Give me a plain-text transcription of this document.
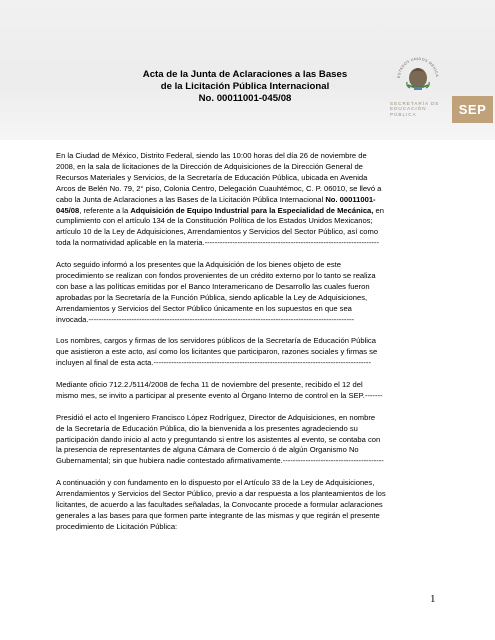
Acta de la Junta de Aclaraciones a las Bases
de la Licitación Pública Internacional
No. 00011001-045/08
ESTADOS UNIDOS MEXICA
SECRETARÍA DE
EDUCACIÓN PÚBLICA	SEP
En la Ciudad de México, Distrito Federal, siendo las 10:00 horas del día 26 de noviembre de
2008, en la sala de licitaciones de la Dirección de Adquisiciones de la Dirección General de
Recursos Materiales y Servicios, de la Secretaría de Educación Pública, ubicada en Avenida
Arcos de Belén No. 79, 2° piso, Colonia Centro, Delegación Cuauhtémoc, C. P. 06010, se llevó a
cabo la Junta de Aclaraciones a las Bases de la Licitación Pública Internacional No. 00011001-
045/08, referente a la Adquisición de Equipo Industrial para la Especialidad de Mecánica, en
cumplimiento con el artículo 134 de la Constitución Política de los Estados Unidos Mexicanos;
artículo 10 de la Ley de Adquisiciones, Arrendamientos y Servicios del Sector Público, así como
toda la normatividad aplicable en la materia.---------------------------------------------------------------------
Acto seguido informó a los presentes que la Adquisición de los bienes objeto de este
procedimiento se realizan con fondos provenientes de un crédito externo por lo tanto se realiza
con base a las políticas emitidas por el Banco Interamericano de Desarrollo las cuales fueron
aprobadas por la Secretaría de la Función Pública, siendo aplicable la Ley de Adquisiciones,
Arrendamientos y Servicios del Sector Público únicamente en los supuestos en que sea
invocada.---------------------------------------------------------------------------------------------------------
Los nombres, cargos y firmas de los servidores públicos de la Secretaría de Educación Pública
que asistieron a este acto, así como los licitantes que participaron, razones sociales y firmas se
incluyen al final de esta acta.--------------------------------------------------------------------------------------
Mediante oficio 712.2./5114/2008 de fecha 11 de noviembre del presente, recibido el 12 del
mismo mes, se invito a participar al presente evento al Órgano Interno de control en la SEP.-------
Presidió el acto el Ingeniero Francisco López Rodríguez, Director de Adquisiciones, en nombre
de la Secretaría de Educación Pública, dio la bienvenida a los presentes agradeciendo su
participación dando inicio al acto y preguntando si entre los asistentes al evento, se contaba con
la presencia de representantes de alguna Cámara de Comercio ó de algún Organismo No
Gubernamental; sin que hubiera nadie contestado afirmativamente.----------------------------------------
A continuación y con fundamento en lo dispuesto por el Artículo 33 de la Ley de Adquisiciones,
Arrendamientos y Servicios del Sector Público, previo a dar respuesta a los planteamientos de los
licitantes, de acuerdo a las facultades señaladas, la Convocante procede a formular aclaraciones
generales a las bases para que formen parte integrante de las mismas y que regirán el presente
procedimiento de Licitación Pública:
1
